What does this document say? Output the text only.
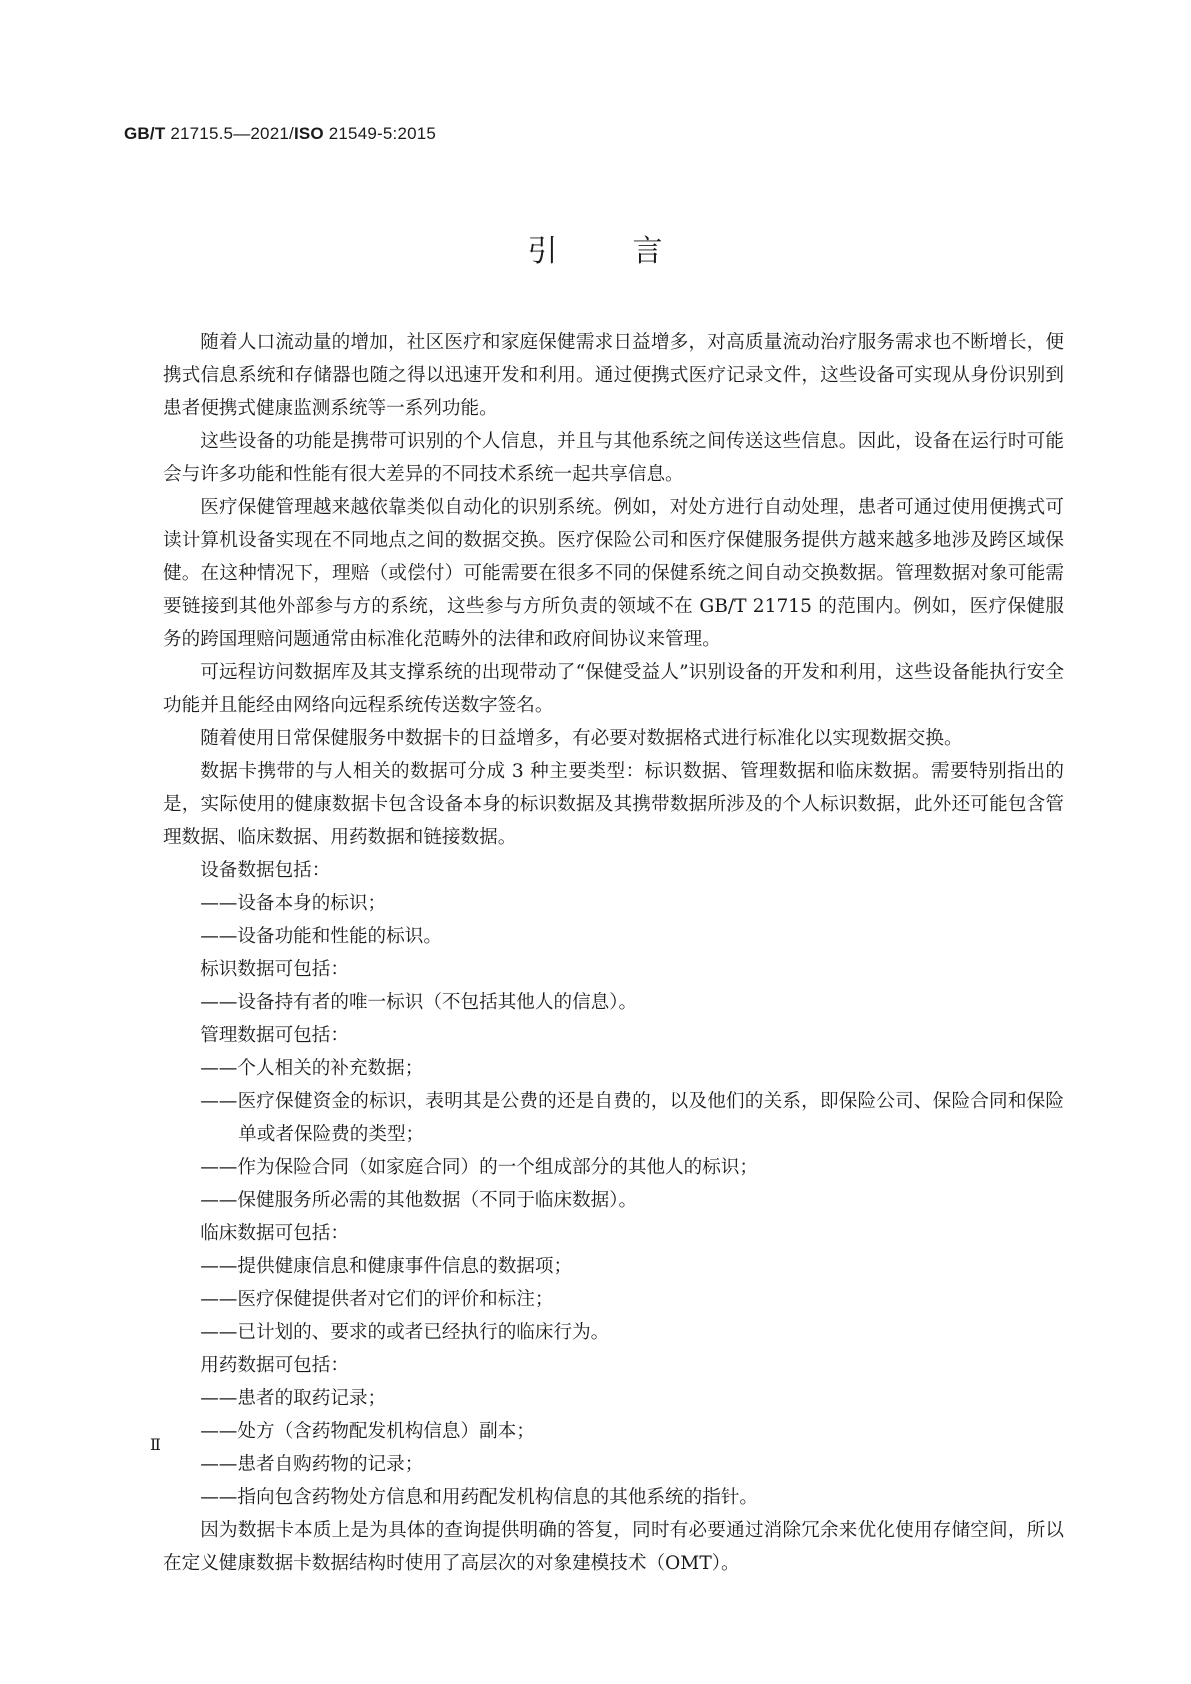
GB/T 21715.5—2021/ISO 21549-5:2015
引 言

随着人口流动量的增加，社区医疗和家庭保健需求日益增多，对高质量流动治疗服务需求也不断增长，便携式信息系统和存储器也随之得以迅速开发和利用。通过便携式医疗记录文件，这些设备可实现从身份识别到患者便携式健康监测系统等一系列功能。

这些设备的功能是携带可识别的个人信息，并且与其他系统之间传送这些信息。因此，设备在运行时可能会与许多功能和性能有很大差异的不同技术系统一起共享信息。

医疗保健管理越来越依靠类似自动化的识别系统。例如，对处方进行自动处理，患者可通过使用便携式可读计算机设备实现在不同地点之间的数据交换。医疗保险公司和医疗保健服务提供方越来越多地涉及跨区域保健。在这种情况下，理赔（或偿付）可能需要在很多不同的保健系统之间自动交换数据。管理数据对象可能需要链接到其他外部参与方的系统，这些参与方所负责的领域不在 GB/T 21715 的范围内。例如，医疗保健服务的跨国理赔问题通常由标准化范畴外的法律和政府间协议来管理。

可远程访问数据库及其支撑系统的出现带动了“保健受益人”识别设备的开发和利用，这些设备能执行安全功能并且能经由网络向远程系统传送数字签名。

随着使用日常保健服务中数据卡的日益增多，有必要对数据格式进行标准化以实现数据交换。

数据卡携带的与人相关的数据可分成 3 种主要类型：标识数据、管理数据和临床数据。需要特别指出的是，实际使用的健康数据卡包含设备本身的标识数据及其携带数据所涉及的个人标识数据，此外还可能包含管理数据、临床数据、用药数据和链接数据。

设备数据包括：
——设备本身的标识；
——设备功能和性能的标识。
标识数据可包括：
——设备持有者的唯一标识（不包括其他人的信息）。
管理数据可包括：
——个人相关的补充数据；
——医疗保健资金的标识，表明其是公费的还是自费的，以及他们的关系，即保险公司、保险合同和保险单或者保险费的类型；
——作为保险合同（如家庭合同）的一个组成部分的其他人的标识；
——保健服务所必需的其他数据（不同于临床数据）。
临床数据可包括：
——提供健康信息和健康事件信息的数据项；
——医疗保健提供者对它们的评价和标注；
——已计划的、要求的或者已经执行的临床行为。
用药数据可包括：
——患者的取药记录；
——处方（含药物配发机构信息）副本；
——患者自购药物的记录；
——指向包含药物处方信息和用药配发机构信息的其他系统的指针。

因为数据卡本质上是为具体的查询提供明确的答复，同时有必要通过消除冗余来优化使用存储空间，所以在定义健康数据卡数据结构时使用了高层次的对象建模技术（OMT）。

Ⅱ
